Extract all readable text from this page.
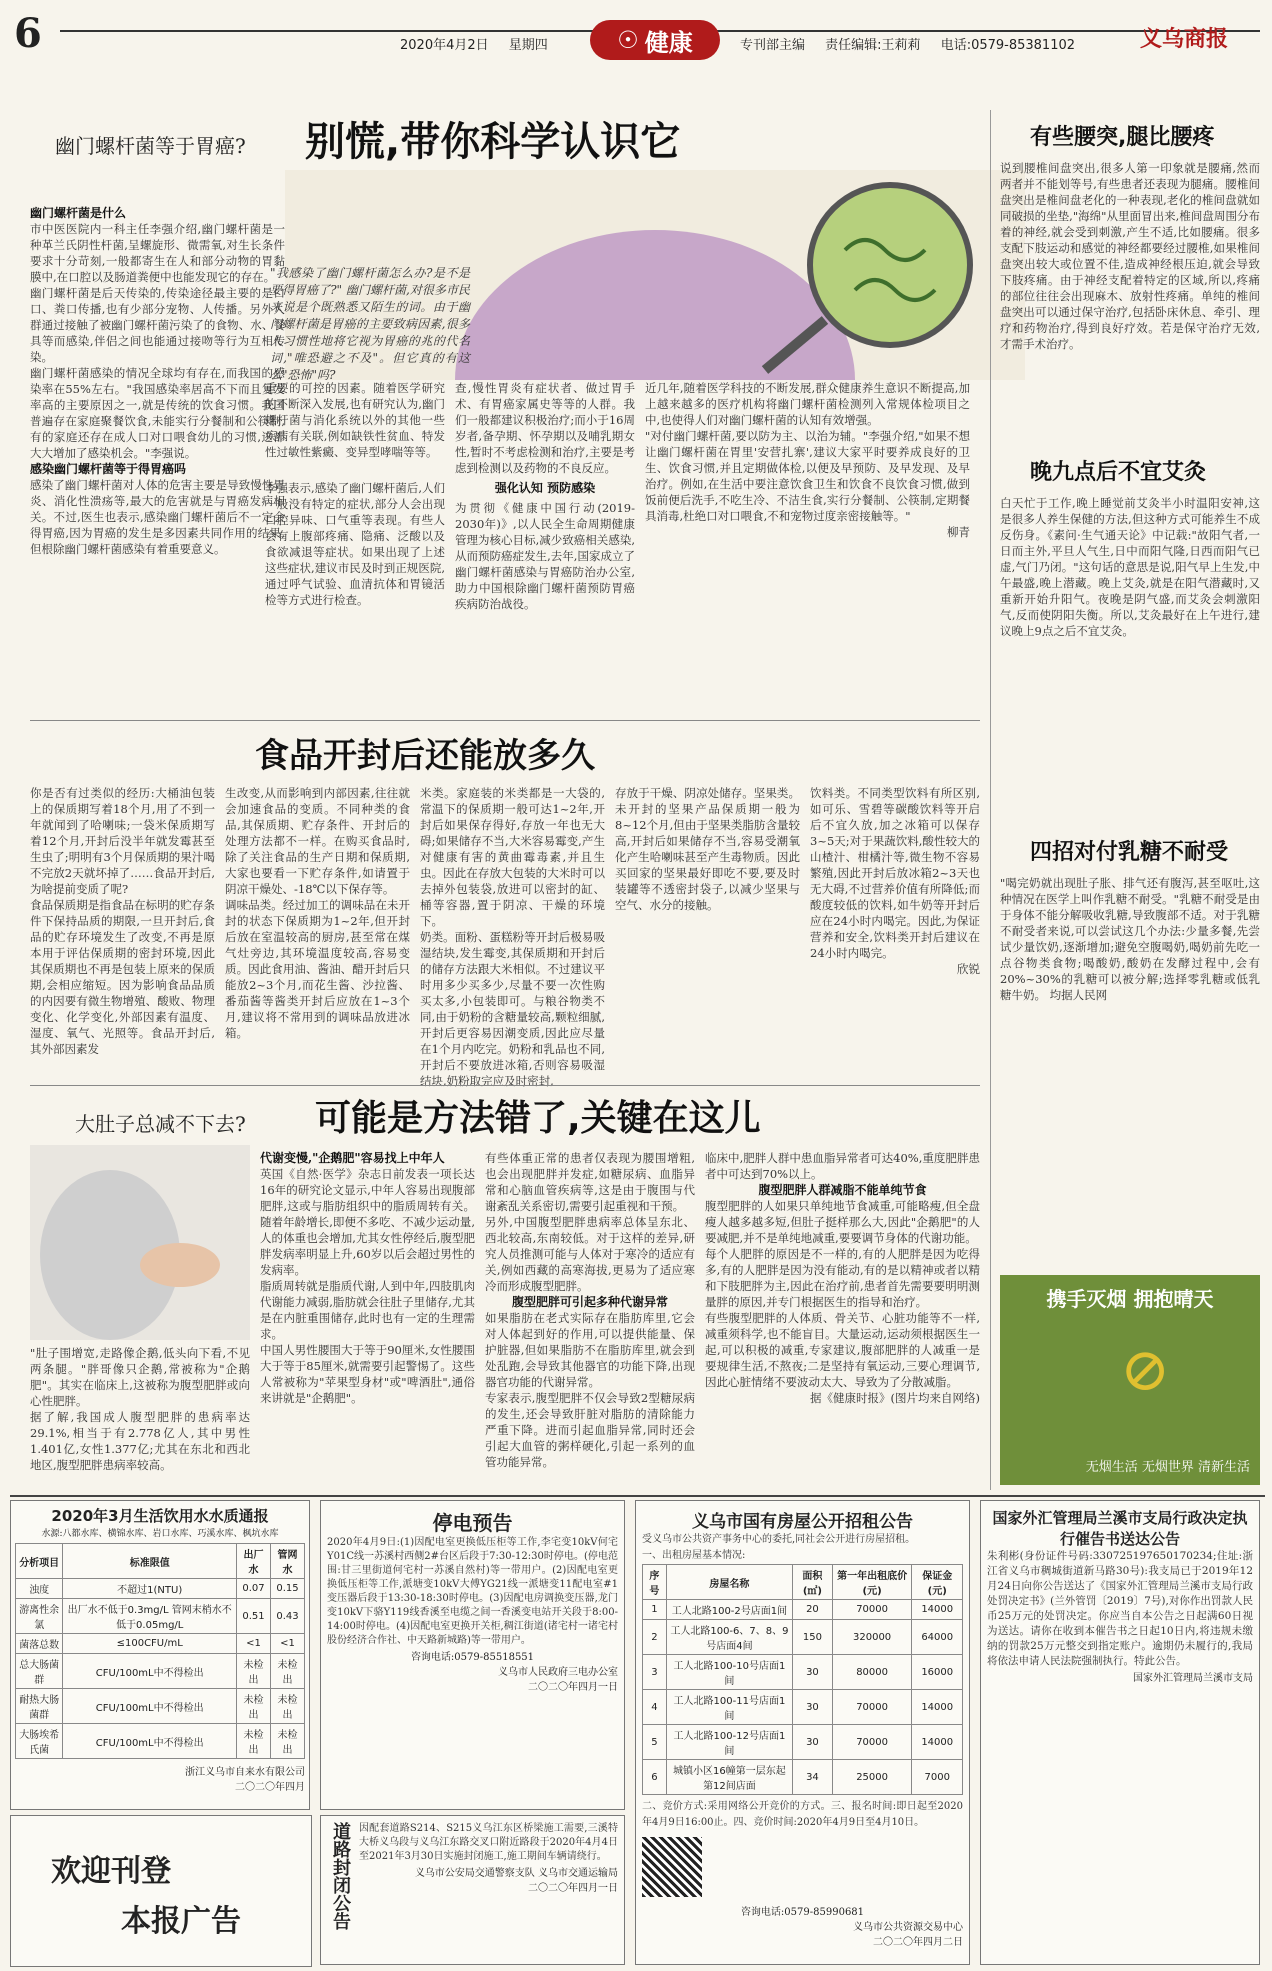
6	2020年4月2日 星期四	☉ 健康	专刊部主编 责任编辑:王莉莉 电话:0579-85381102	义乌商报
幽门螺杆菌等于胃癌? 别慌,带你科学认识它
幽门螺杆菌是什么
市中医医院内一科主任李强介绍,幽门螺杆菌是一种革兰氏阴性杆菌,呈螺旋形、微需氧,对生长条件要求十分苛刻,一般都寄生在人和部分动物的胃黏膜中,在口腔以及肠道粪便中也能发现它的存在。
幽门螺杆菌是后天传染的,传染途径最主要的是口口、粪口传播,也有少部分宠物、人传播。另外人群通过接触了被幽门螺杆菌污染了的食物、水、餐具等而感染,伴侣之间也能通过接吻等行为互相传染。
幽门螺杆菌感染的情况全球均有存在,而我国的感染率在55%左右。"我国感染率居高不下而且复发率高的主要原因之一,就是传统的饮食习惯。我国普遍存在家庭聚餐饮食,未能实行分餐制和公筷制,有的家庭还存在成人口对口喂食幼儿的习惯,这都大大增加了感染机会。"李强说。
感染幽门螺杆菌等于得胃癌吗
感染了幽门螺杆菌对人体的危害主要是导致慢性胃炎、消化性溃疡等,最大的危害就是与胃癌发病相关。不过,医生也表示,感染幽门螺杆菌后不一定会得胃癌,因为胃癌的发生是多因素共同作用的结果,但根除幽门螺杆菌感染有着重要意义。
"我感染了幽门螺杆菌怎么办?是不是要得胃癌了?" 幽门螺杆菌,对很多市民来说是个既熟悉又陌生的词。由于幽门螺杆菌是胃癌的主要致病因素,很多人习惯性地将它视为胃癌的兆的代名词,"唯恐避之不及"。但它真的有这么"恐怖"吗?
重要的可控的因素。随着医学研究的不断深入发展,也有研究认为,幽门螺杆菌与消化系统以外的其他一些疾病有关联,例如缺铁性贫血、特发性过敏性紫癜、变异型哮喘等等。
李强表示,感染了幽门螺杆菌后,人们一般没有特定的症状,部分人会出现口腔异味、口气重等表现。有些人会有上腹部疼痛、隐痛、泛酸以及食欲减退等症状。如果出现了上述这些症状,建议市民及时到正规医院,通过呼气试验、血清抗体和胃镜活检等方式进行检查。
查,慢性胃炎有症状者、做过胃手术、有胃癌家属史等等的人群。我们一般都建议积极治疗;而小于16周岁者,备孕期、怀孕期以及哺乳期女性,暂时不考虑检测和治疗,主要是考虑到检测以及药物的不良反应。
强化认知 预防感染
为贯彻《健康中国行动(2019-2030年)》,以人民全生命周期健康管理为核心目标,减少致癌相关感染,从而预防癌症发生,去年,国家成立了幽门螺杆菌感染与胃癌防治办公室,助力中国根除幽门螺杆菌预防胃癌疾病防治战役。
近几年,随着医学科技的不断发展,群众健康养生意识不断提高,加上越来越多的医疗机构将幽门螺杆菌检测列入常规体检项目之中,也使得人们对幽门螺杆菌的认知有效增强。
"对付幽门螺杆菌,要以防为主、以治为辅。"李强介绍,"如果不想让幽门螺杆菌在胃里'安营扎寨',建议大家平时要养成良好的卫生、饮食习惯,并且定期做体检,以便及早预防、及早发现、及早治疗。例如,在生活中要注意饮食卫生和饮食不良饮食习惯,做到饭前便后洗手,不吃生冷、不洁生食,实行分餐制、公筷制,定期餐具消毒,杜绝口对口喂食,不和宠物过度亲密接触等。"
柳青
食品开封后还能放多久
你是否有过类似的经历:大桶油包装上的保质期写着18个月,用了不到一年就闻到了哈喇味;一袋米保质期写着12个月,开封后没半年就发霉甚至生虫了;明明有3个月保质期的果汁喝不完放2天就坏掉了……食品开封后,为啥提前变质了呢?
食品保质期是指食品在标明的贮存条件下保持品质的期限,一旦开封后,食品的贮存环境发生了改变,不再是原本用于评估保质期的密封环境,因此其保质期也不再是包装上原来的保质期,会相应缩短。因为影响食品品质的内因要有微生物增殖、酸败、物理变化、化学变化,外部因素有温度、湿度、氧气、光照等。食品开封后,其外部因素发
生改变,从而影响到内部因素,往往就会加速食品的变质。不同种类的食品,其保质期、贮存条件、开封后的处理方法都不一样。在购买食品时,除了关注食品的生产日期和保质期,大家也要看一下贮存条件,如请置于阴凉干燥处、-18℃以下保存等。
调味品类。经过加工的调味品在未开封的状态下保质期为1~2年,但开封后放在室温较高的厨房,甚至常在煤气灶旁边,其环境温度较高,容易变质。因此食用油、酱油、醋开封后只能放2~3个月,而花生酱、沙拉酱、番茄酱等酱类开封后应放在1~3个月,建议将不常用到的调味品放进冰箱。
米类。家庭装的米类都是一大袋的,常温下的保质期一般可达1~2年,开封后如果保存得好,存放一年也无大碍;如果储存不当,大米容易霉变,产生对健康有害的黄曲霉毒素,并且生虫。因此在存放大包装的大米时可以去掉外包装袋,放进可以密封的缸、桶等容器,置于阴凉、干燥的环境下。
奶类。面粉、蛋糕粉等开封后极易吸湿结块,发生霉变,其保质期和开封后的储存方法跟大米相似。不过建议平时用多少买多少,尽量不要一次性购买太多,小包装即可。与粮谷物类不同,由于奶粉的含糖量较高,颗粒细腻,开封后更容易因潮变质,因此应尽量在1个月内吃完。奶粉和乳品也不同,开封后不要放进冰箱,否则容易吸湿结块,奶粉取完应及时密封,
存放于干燥、阴凉处储存。坚果类。未开封的坚果产品保质期一般为8~12个月,但由于坚果类脂肪含量较高,开封后如果储存不当,容易受潮氧化产生哈喇味甚至产生毒物质。因此买回家的坚果最好即吃不要,要及时装罐等不透密封袋子,以减少坚果与空气、水分的接触。
饮料类。不同类型饮料有所区别,如可乐、雪碧等碳酸饮料等开启后不宜久放,加之冰箱可以保存3~5天;对于果蔬饮料,酸性较大的山楂汁、柑橘汁等,微生物不容易繁殖,因此开封后放冰箱2~3天也无大碍,不过营养价值有所降低;而酸度较低的饮料,如牛奶等开封后应在24小时内喝完。因此,为保证营养和安全,饮料类开封后建议在24小时内喝完。
欣锐
大肚子总减不下去? 可能是方法错了,关键在这儿
"肚子围增宽,走路像企鹅,低头向下看,不见两条腿。"胖哥像只企鹅,常被称为"企鹅肥"。其实在临床上,这被称为腹型肥胖或向心性肥胖。
据了解,我国成人腹型肥胖的患病率达29.1%,相当于有2.778亿人,其中男性1.401亿,女性1.377亿;尤其在东北和西北地区,腹型肥胖患病率较高。
代谢变慢,"企鹅肥"容易找上中年人
英国《自然·医学》杂志日前发表一项长达16年的研究论文显示,中年人容易出现腹部肥胖,这或与脂肪组织中的脂质周转有关。随着年龄增长,即便不多吃、不减少运动量,人的体重也会增加,尤其女性停经后,腹型肥胖发病率明显上升,60岁以后会超过男性的发病率。
脂质周转就是脂质代谢,人到中年,四肢肌肉代谢能力减弱,脂肪就会往肚子里储存,尤其是在内脏重围储存,此时也有一定的生理需求。
中国人男性腰围大于等于90厘米,女性腰围大于等于85厘米,就需要引起警惕了。这些人常被称为"苹果型身材"或"啤酒肚",通俗来讲就是"企鹅肥"。
有些体重正常的患者仅表现为腰围增粗,也会出现肥胖并发症,如糖尿病、血脂异常和心脑血管疾病等,这是由于腹围与代谢紊乱关系密切,需要引起重视和干预。
另外,中国腹型肥胖患病率总体呈东北、西北较高,东南较低。对于这样的差异,研究人员推测可能与人体对于寒冷的适应有关,例如西藏的高寒海拔,更易为了适应寒冷而形成腹型肥胖。
腹型肥胖可引起多种代谢异常
如果脂肪在老式实际存在脂肪库里,它会对人体起到好的作用,可以提供能量、保护脏器,但如果脂肪不在脂肪库里,就会到处乱跑,会导致其他器官的功能下降,出现器官功能的代谢异常。
专家表示,腹型肥胖不仅会导致2型糖尿病的发生,还会导致肝脏对脂肪的清除能力严重下降。进而引起血脂异常,同时还会引起大血管的粥样硬化,引起一系列的血管功能异常。
临床中,肥胖人群中患血脂异常者可达40%,重度肥胖患者中可达到70%以上。
腹型肥胖人群减脂不能单纯节食
腹型肥胖的人如果只单纯地节食减重,可能略瘦,但全盘瘦人越多越多短,但肚子挺样那么大,因此"企鹅肥"的人要减肥,并不是单纯地减重,要要调节身体的代谢功能。
每个人肥胖的原因是不一样的,有的人肥胖是因为吃得多,有的人肥胖是因为没有能动,有的是以精神或者以精和下肢肥胖为主,因此在治疗前,患者首先需要要明明测量胖的原因,并专门根据医生的指导和治疗。
有些腹型肥胖的人体质、骨关节、心脏功能等不一样,减重须科学,也不能盲目。大量运动,运动须根据医生一起,可以积极的减重,专家建议,腹部肥胖的人减重一是要规律生活,不熬夜;二是坚持有氧运动,三要心理调节,因此心脏情绪不要波动太大、导致为了分散减脂。
据《健康时报》(图片均来自网络)
有些腰突,腿比腰疼
说到腰椎间盘突出,很多人第一印象就是腰痛,然而两者并不能划等号,有些患者还表现为腿痛。腰椎间盘突出是椎间盘老化的一种表现,老化的椎间盘就如同破损的坐垫,"海绵"从里面冒出来,椎间盘周围分布着的神经,就会受到刺激,产生不适,比如腰痛。很多支配下肢运动和感觉的神经都要经过腰椎,如果椎间盘突出较大或位置不佳,造成神经根压迫,就会导致下肢疼痛。由于神经支配着特定的区域,所以,疼痛的部位往往会出现麻木、放射性疼痛。单纯的椎间盘突出可以通过保守治疗,包括卧床休息、牵引、理疗和药物治疗,得到良好疗效。若是保守治疗无效,才需手术治疗。
晚九点后不宜艾灸
白天忙于工作,晚上睡觉前艾灸半小时温阳安神,这是很多人养生保健的方法,但这种方式可能养生不成反伤身。《素问·生气通天论》中记载:"故阳气者,一日而主外,平旦人气生,日中而阳气隆,日西而阳气已虚,气门乃闭。"这句话的意思是说,阳气早上生发,中午最盛,晚上潜藏。晚上艾灸,就是在阳气潜藏时,又重新开始升阳气。夜晚是阴气盛,而艾灸会刺激阳气,反而使阴阳失衡。所以,艾灸最好在上午进行,建议晚上9点之后不宜艾灸。
四招对付乳糖不耐受
"喝完奶就出现肚子胀、排气还有腹泻,甚至呕吐,这种情况在医学上叫作乳糖不耐受。"乳糖不耐受是由于身体不能分解吸收乳糖,导致腹部不适。对于乳糖不耐受者来说,可以尝试这几个办法:少量多餐,先尝试少量饮奶,逐渐增加;避免空腹喝奶,喝奶前先吃一点谷物类食物;喝酸奶,酸奶在发酵过程中,会有20%~30%的乳糖可以被分解;选择零乳糖或低乳糖牛奶。 均据人民网
携手灭烟 拥抱晴天
无烟生活 无烟世界 清新生活
⊘
2020年3月生活饮用水水质通报
水源:八都水库、横锦水库、岩口水库、巧溪水库、枫坑水库
分析项目	标准限值	出厂水	管网水
浊度	不超过1(NTU)	0.07	0.15
游离性余氯	出厂水不低于0.3mg/L 管网末梢水不低于0.05mg/L	0.51	0.43
菌落总数	≤100CFU/mL	<1	<1
总大肠菌群	CFU/100mL中不得检出	未检出	未检出
耐热大肠菌群	CFU/100mL中不得检出	未检出	未检出
大肠埃希氏菌	CFU/100mL中不得检出	未检出	未检出
浙江义乌市自来水有限公司
二〇二〇年四月
停电预告
2020年4月9日:(1)因配电室更换低压柜等工作,李宅变10kV何宅Y01C线一苏溪村西侧2#台区后段于7:30-12:30时停电。(停电范围:甘三里街道何宅村一苏溪自然村)等一带用户。(2)因配电室更换低压柜等工作,派塘变10kV大傅YG21线一派塘变11配电室#1变压器后段于13:30-18:30时停电。(3)因配电房调换变压器,龙门变10kV下骆Y119线香溪至电缆之间一香溪变电站开关段于8:00-14:00时停电。(4)因配电室更换开关柜,稠江街道(诸宅村一诸宅村股份经济合作社、中天路新城路)等一带用户。
咨询电话:0579-85518551
义乌市人民政府三电办公室
二〇二〇年四月一日
义乌市国有房屋公开招租公告
受义乌市公共资产事务中心的委托,同社会公开进行房屋招租。
一、出租房屋基本情况:
序号	房屋名称	面积(㎡)	第一年出租底价(元)	保证金(元)
1	工人北路100-2号店面1间	20	70000	14000
2	工人北路100-6、7、8、9号店面4间	150	320000	64000
3	工人北路100-10号店面1间	30	80000	16000
4	工人北路100-11号店面1间	30	70000	14000
5	工人北路100-12号店面1间	30	70000	14000
6	城镇小区16幢第一层东起第12间店面	34	25000	7000
二、竞价方式:采用网络公开竞价的方式。三、报名时间:即日起至2020年4月9日16:00止。四、竞价时间:2020年4月9日至4月10日。
咨询电话:0579-85990681
义乌市公共资源交易中心
二〇二〇年四月二日
国家外汇管理局兰溪市支局行政决定执行催告书送达公告
朱利彬(身份证件号码:330725197650170234;住址:浙江省义乌市稠城街道新马路30号):我支局已于2019年12月24日向你公告送达了《国家外汇管理局兰溪市支局行政处罚决定书》(兰外管罚〔2019〕7号),对你作出罚款人民币25万元的处罚决定。你应当自本公告之日起满60日视为送达。请你在收到本催告书之日起10日内,将违规未缴纳的罚款25万元整交到指定账户。逾期仍未履行的,我局将依法申请人民法院强制执行。特此公告。
国家外汇管理局兰溪市支局
道路封闭公告 因配套道路S214、S215义乌江东区桥梁施工需要,三溪特大桥义乌段与义乌江东路交叉口附近路段于2020年4月4日至2021年3月30日实施封闭施工,施工期间车辆请绕行。
义乌市公安局交通警察支队 义乌市交通运输局
二〇二〇年四月一日
欢迎刊登
本报广告
